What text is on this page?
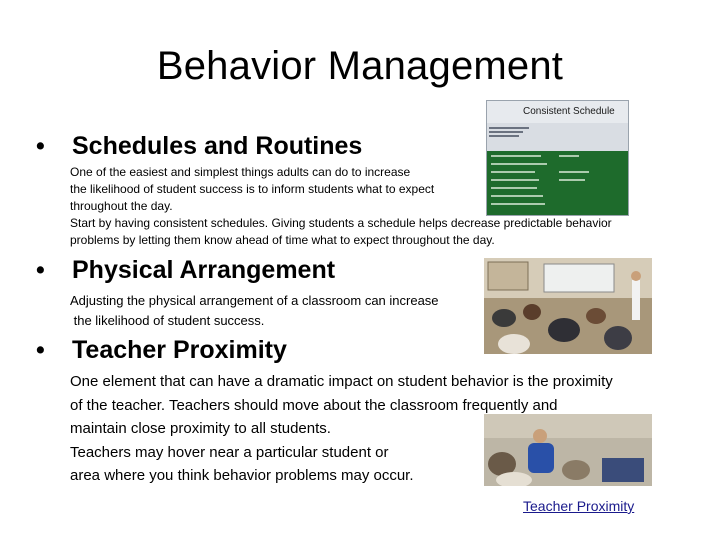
Behavior Management
• Schedules and Routines
One of the easiest and simplest things adults can do to increase
the likelihood of student success is to inform students what to expect
throughout the day.
Start by having consistent schedules. Giving students a schedule helps decrease predictable behavior
problems by letting them know ahead of time what to expect throughout the day.
Consistent Schedule
• Physical Arrangement
Adjusting the physical arrangement of a classroom can increase
the likelihood of student success.
• Teacher Proximity
One element that can have a dramatic impact on student behavior is the proximity
of the teacher. Teachers should move about the classroom frequently and
maintain close proximity to all students.
Teachers may hover near a particular student or
area where you think behavior problems may occur.
Teacher Proximity
